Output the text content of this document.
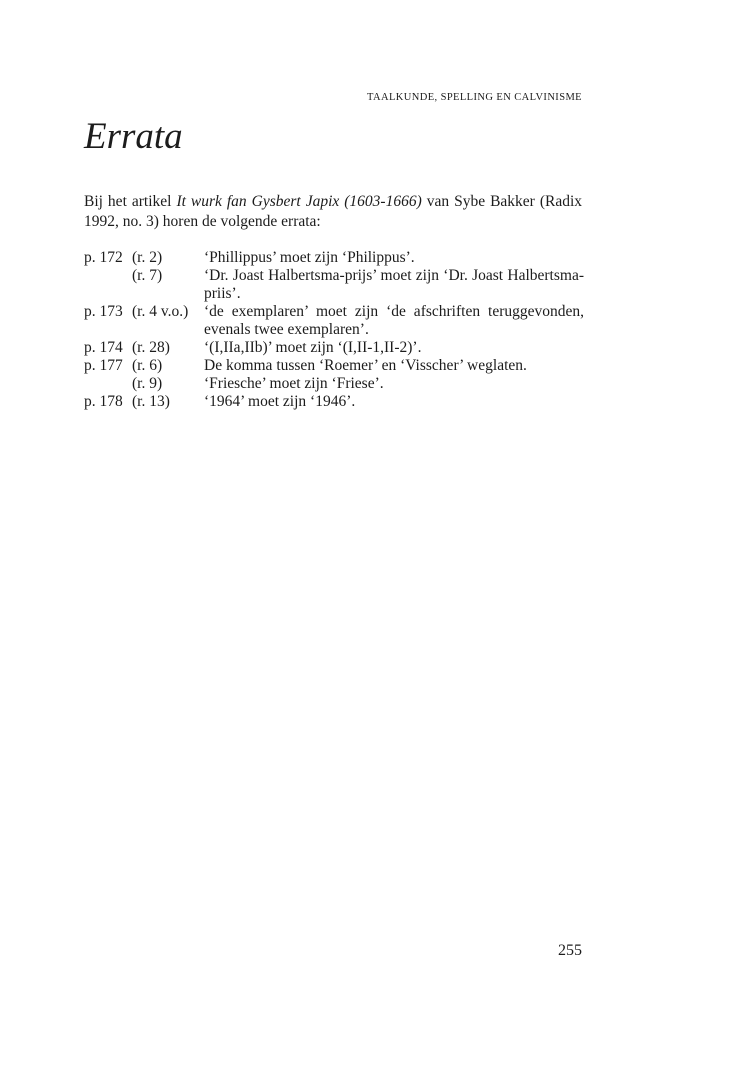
TAALKUNDE, SPELLING EN CALVINISME
Errata

Bij het artikel It wurk fan Gysbert Japix (1603-1666) van Sybe Bakker (Radix 1992, no. 3) horen de volgende errata:

p. 172 (r. 2)	‘Phillippus’ moet zijn ‘Philippus’.
(r. 7)	‘Dr. Joast Halbertsma-prijs’ moet zijn ‘Dr. Joast Halbertsma-priis’.
p. 173 (r. 4 v.o.) ‘de exemplaren’ moet zijn ‘de afschriften teruggevonden, evenals twee exemplaren’.
p. 174 (r. 28) ‘(I,IIa,IIb)’ moet zijn ‘(I,II-1,II-2)’.
p. 177 (r. 6)	De komma tussen ‘Roemer’ en ‘Visscher’ weglaten.
(r. 9)	‘Friesche’ moet zijn ‘Friese’.
p. 178 (r. 13) ‘1964’ moet zijn ‘1946’.
255
